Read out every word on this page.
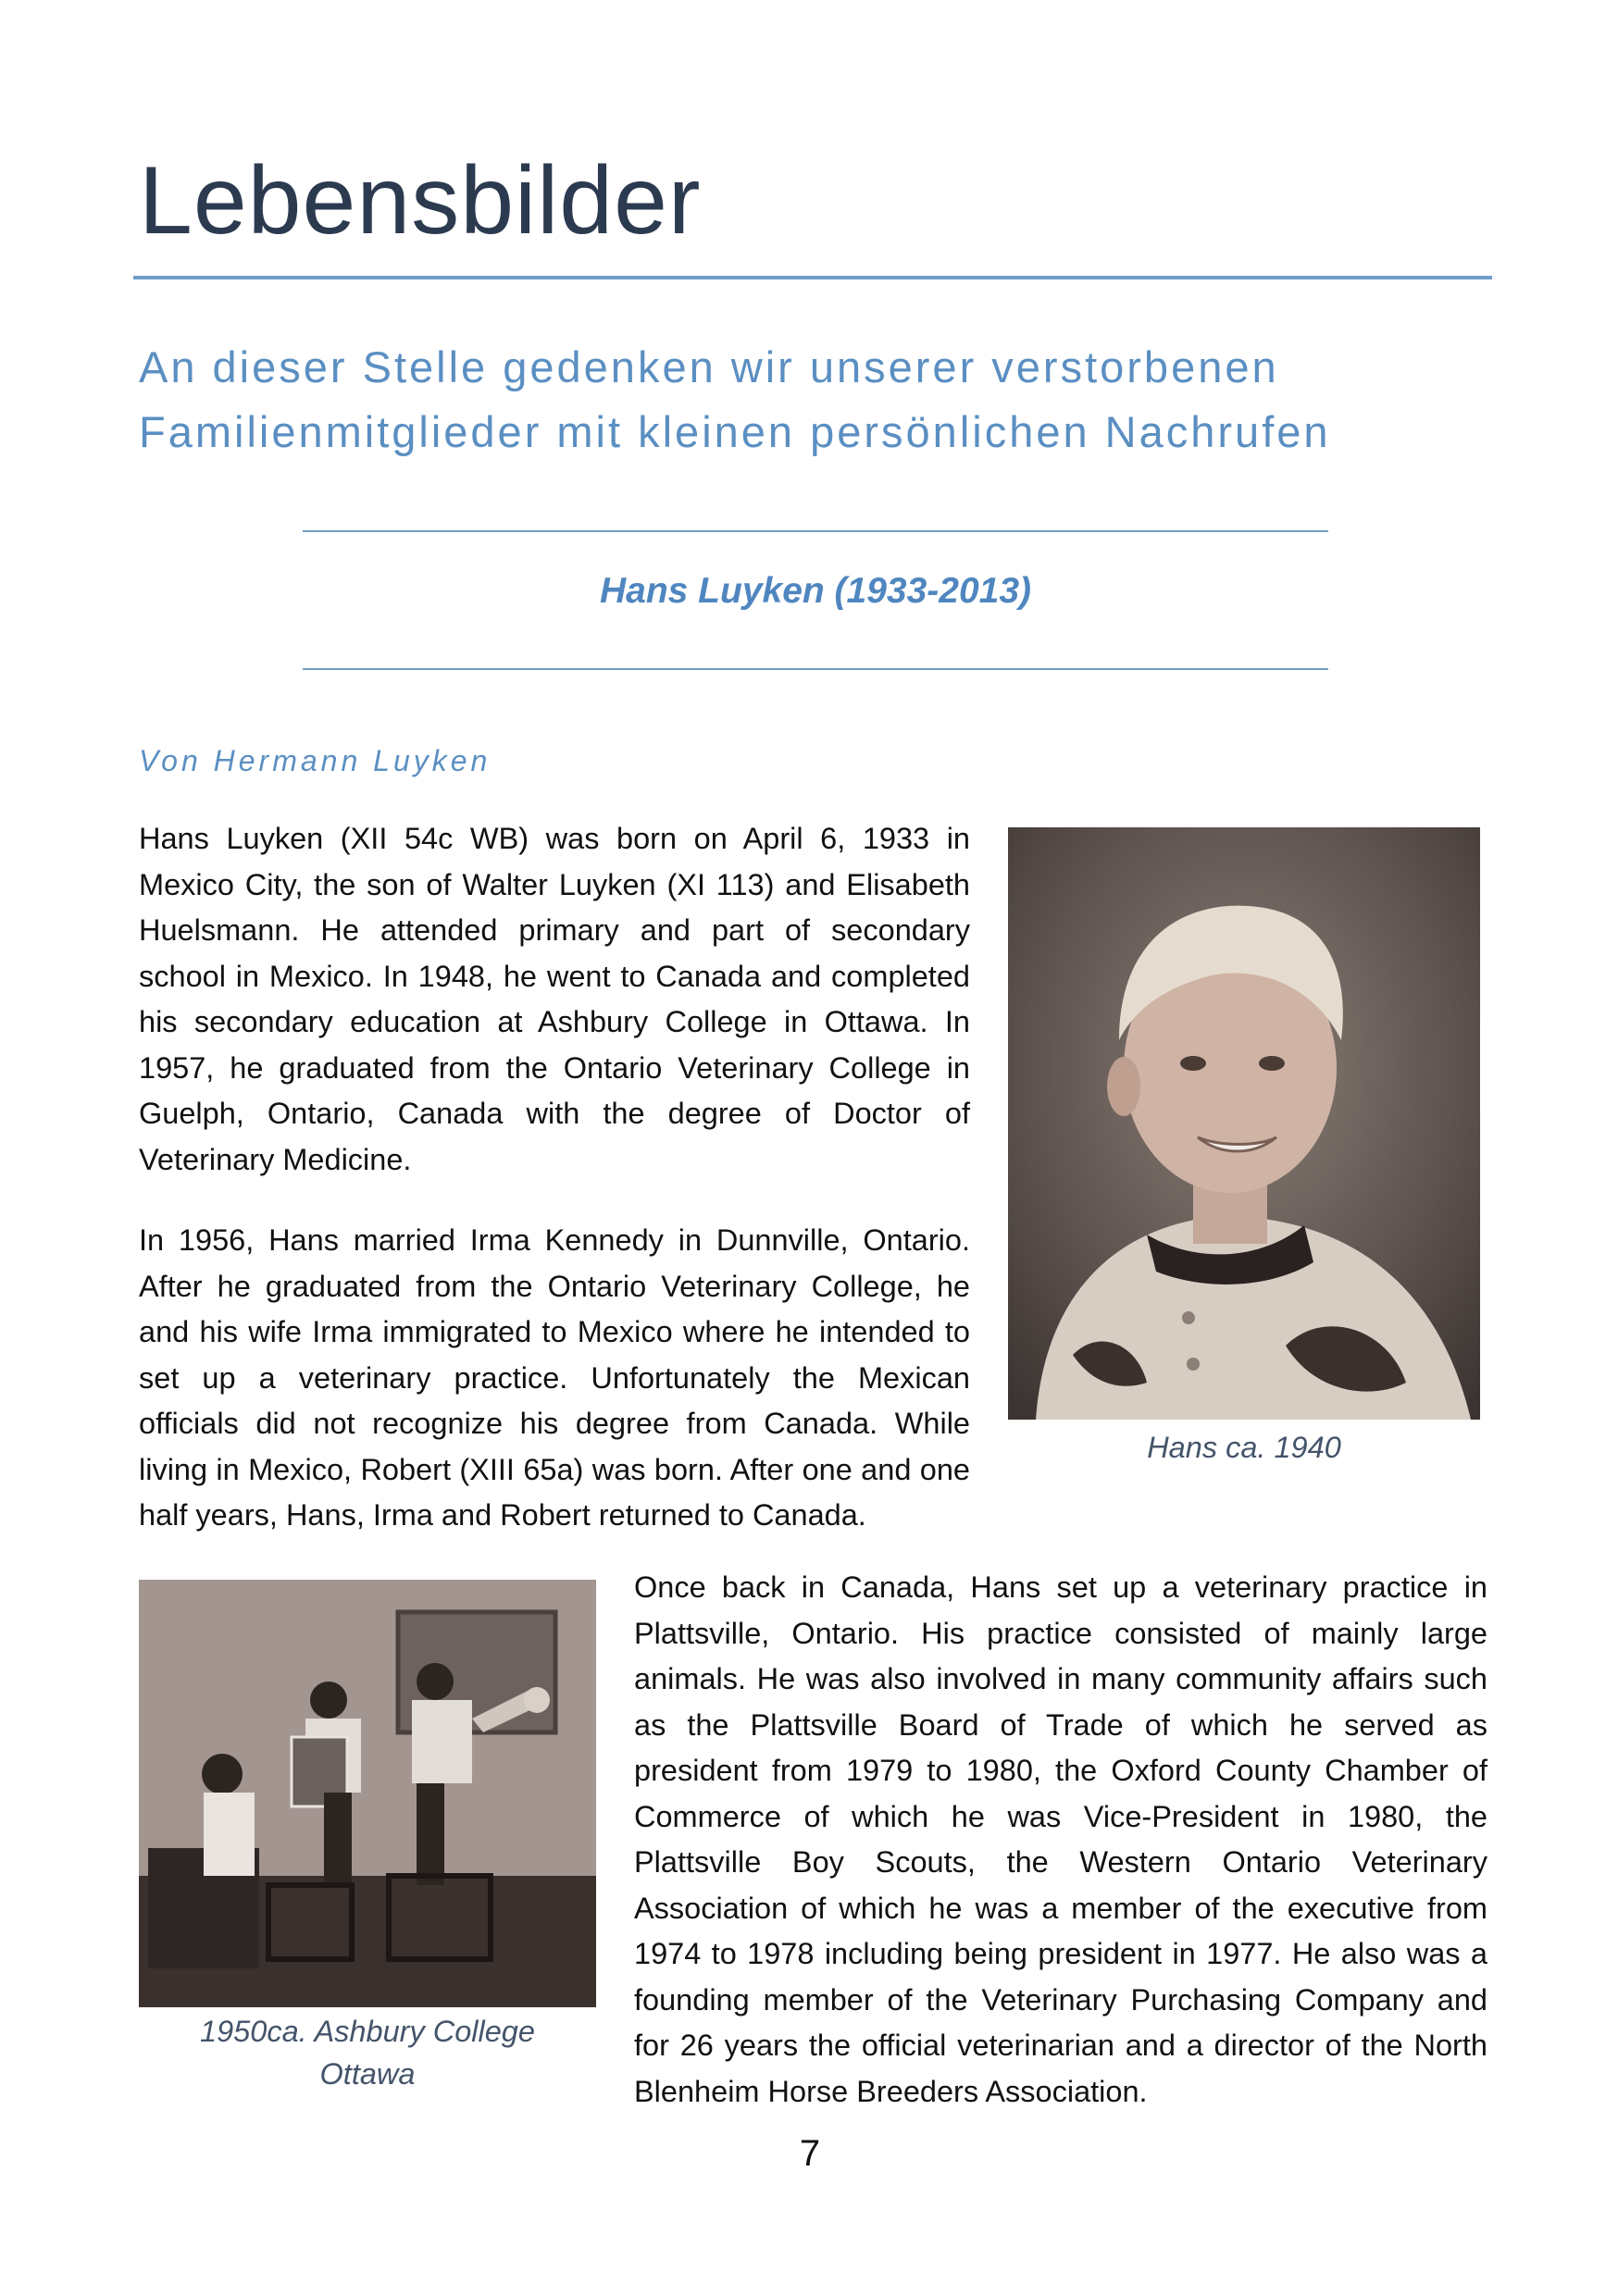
Lebensbilder
An dieser Stelle gedenken wir unserer verstorbenen
Familienmitglieder mit kleinen persönlichen Nachrufen
Hans Luyken (1933-2013)

Von Hermann Luyken

Hans Luyken (XII 54c WB) was born on April 6, 1933 in Mexico City, the son of Walter Luyken (XI 113) and Elisabeth Huelsmann. He attended primary and part of secondary school in Mexico. In 1948, he went to Canada and completed his secondary education at Ashbury College in Ottawa. In 1957, he graduated from the Ontario Veterinary College in Guelph, Ontario, Canada with the degree of Doctor of Veterinary Medicine.

In 1956, Hans married Irma Kennedy in Dunnville, Ontario. After he graduated from the Ontario Veterinary College, he and his wife Irma immigrated to Mexico where he intended to set up a veterinary practice. Unfortunately the Mexican officials did not recognize his degree from Canada. While living in Mexico, Robert (XIII 65a) was born. After one and one half years, Hans, Irma and Robert returned to Canada.

Hans ca. 1940

1950ca. Ashbury College
Ottawa

Once back in Canada, Hans set up a veterinary practice in Plattsville, Ontario. His practice consisted of mainly large animals. He was also involved in many community affairs such as the Plattsville Board of Trade of which he served as president from 1979 to 1980, the Oxford County Chamber of Commerce of which he was Vice-President in 1980, the Plattsville Boy Scouts, the Western Ontario Veterinary Association of which he was a member of the executive from 1974 to 1978 including being president in 1977. He also was a founding member of the Veterinary Purchasing Company and for 26 years the official veterinarian and a director of the North Blenheim Horse Breeders Association.

7
